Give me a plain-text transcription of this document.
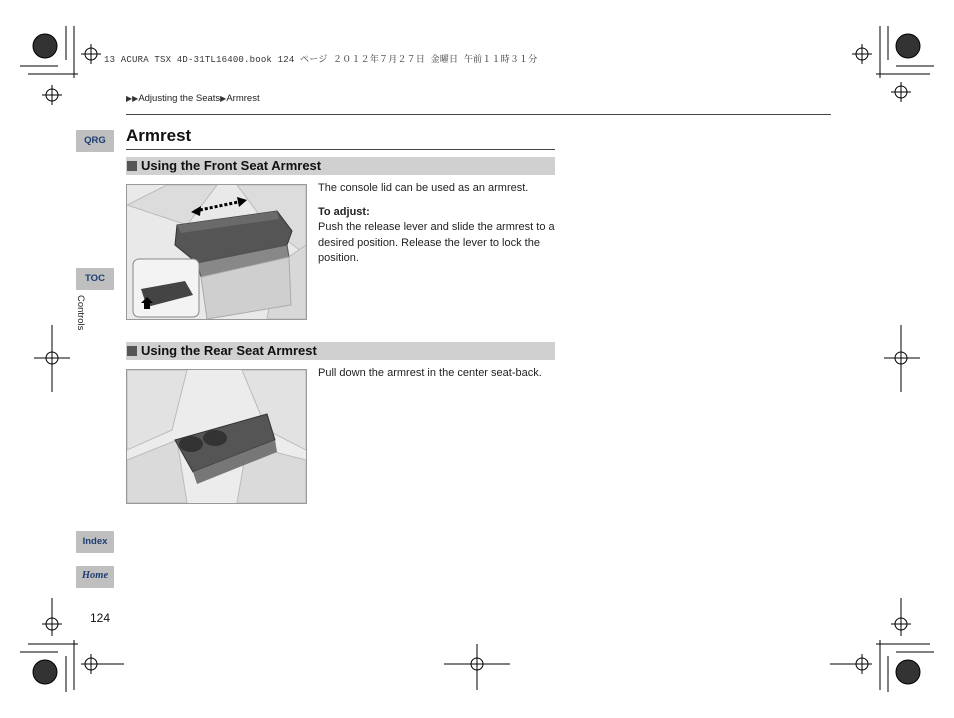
13 ACURA TSX 4D-31TL16400.book 124 ページ ２０１２年７月２７日 金曜日 午前１１時３１分
▶▶Adjusting the Seats▶Armrest
Armrest
Using the Front Seat Armrest
The console lid can be used as an armrest.
To adjust:
Push the release lever and slide the armrest to a desired position. Release the lever to lock the position.
Using the Rear Seat Armrest
Pull down the armrest in the center seat-back.
QRG
TOC
Controls
Index
Home
124
